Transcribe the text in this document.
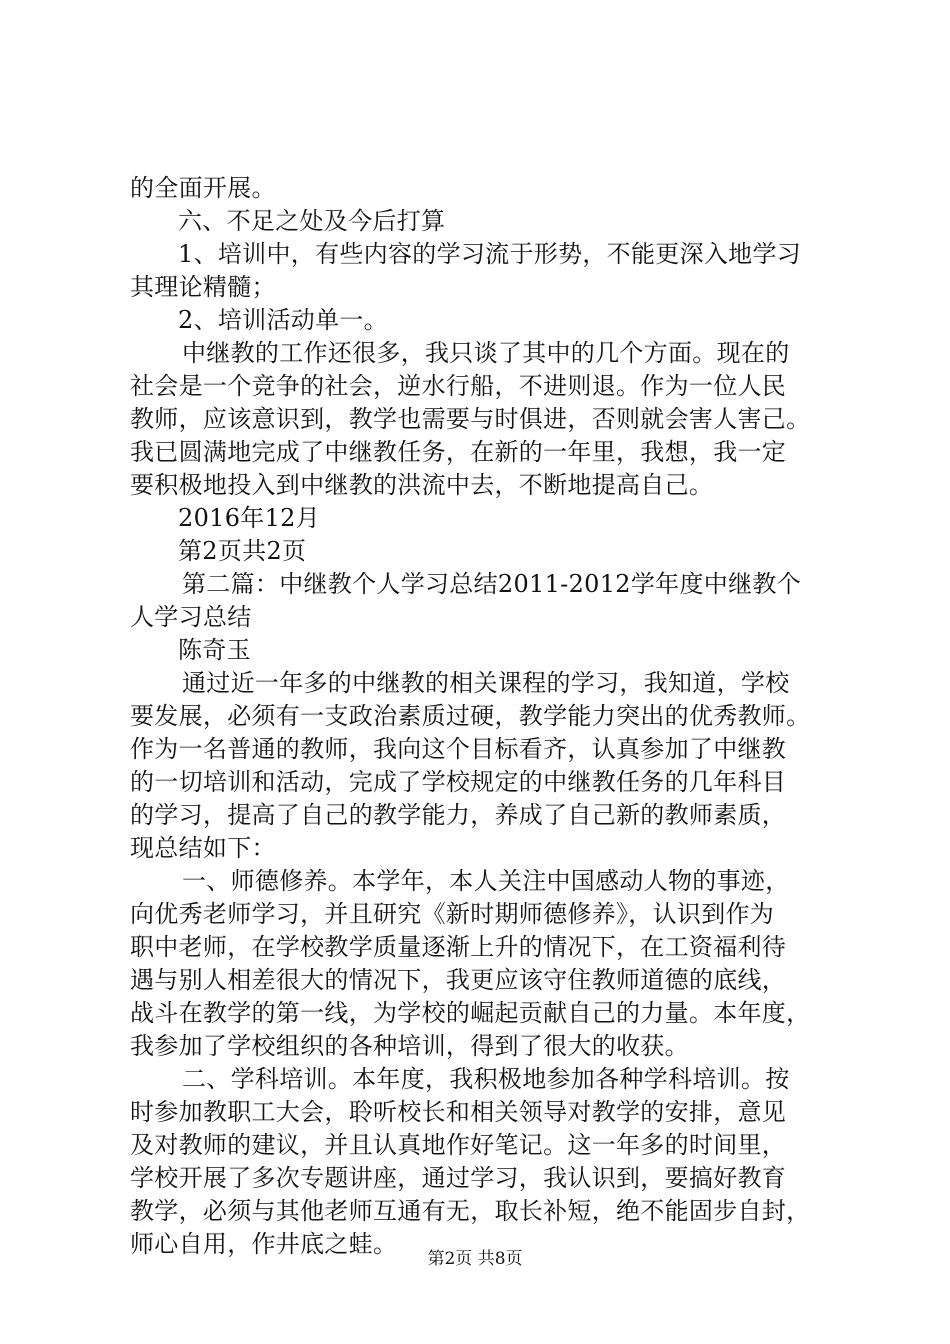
的全面开展。
六、不足之处及今后打算
1、培训中，有些内容的学习流于形势，不能更深入地学习
其理论精髓；
2、培训活动单一。
中继教的工作还很多，我只谈了其中的几个方面。现在的
社会是一个竞争的社会，逆水行船，不进则退。作为一位人民
教师，应该意识到，教学也需要与时俱进，否则就会害人害己。
我已圆满地完成了中继教任务，在新的一年里，我想，我一定
要积极地投入到中继教的洪流中去，不断地提高自己。
2016年12月
第2页共2页
第二篇：中继教个人学习总结2011-2012学年度中继教个
人学习总结
陈奇玉
通过近一年多的中继教的相关课程的学习，我知道，学校
要发展，必须有一支政治素质过硬，教学能力突出的优秀教师。
作为一名普通的教师，我向这个目标看齐，认真参加了中继教
的一切培训和活动，完成了学校规定的中继教任务的几年科目
的学习，提高了自己的教学能力，养成了自己新的教师素质，
现总结如下：
一、师德修养。本学年，本人关注中国感动人物的事迹，
向优秀老师学习，并且研究《新时期师德修养》，认识到作为
职中老师，在学校教学质量逐渐上升的情况下，在工资福利待
遇与别人相差很大的情况下，我更应该守住教师道德的底线，
战斗在教学的第一线，为学校的崛起贡献自己的力量。本年度，
我参加了学校组织的各种培训，得到了很大的收获。
二、学科培训。本年度，我积极地参加各种学科培训。按
时参加教职工大会，聆听校长和相关领导对教学的安排，意见
及对教师的建议，并且认真地作好笔记。这一年多的时间里，
学校开展了多次专题讲座，通过学习，我认识到，要搞好教育
教学，必须与其他老师互通有无，取长补短，绝不能固步自封，
师心自用，作井底之蛙。
第2页 共8页
